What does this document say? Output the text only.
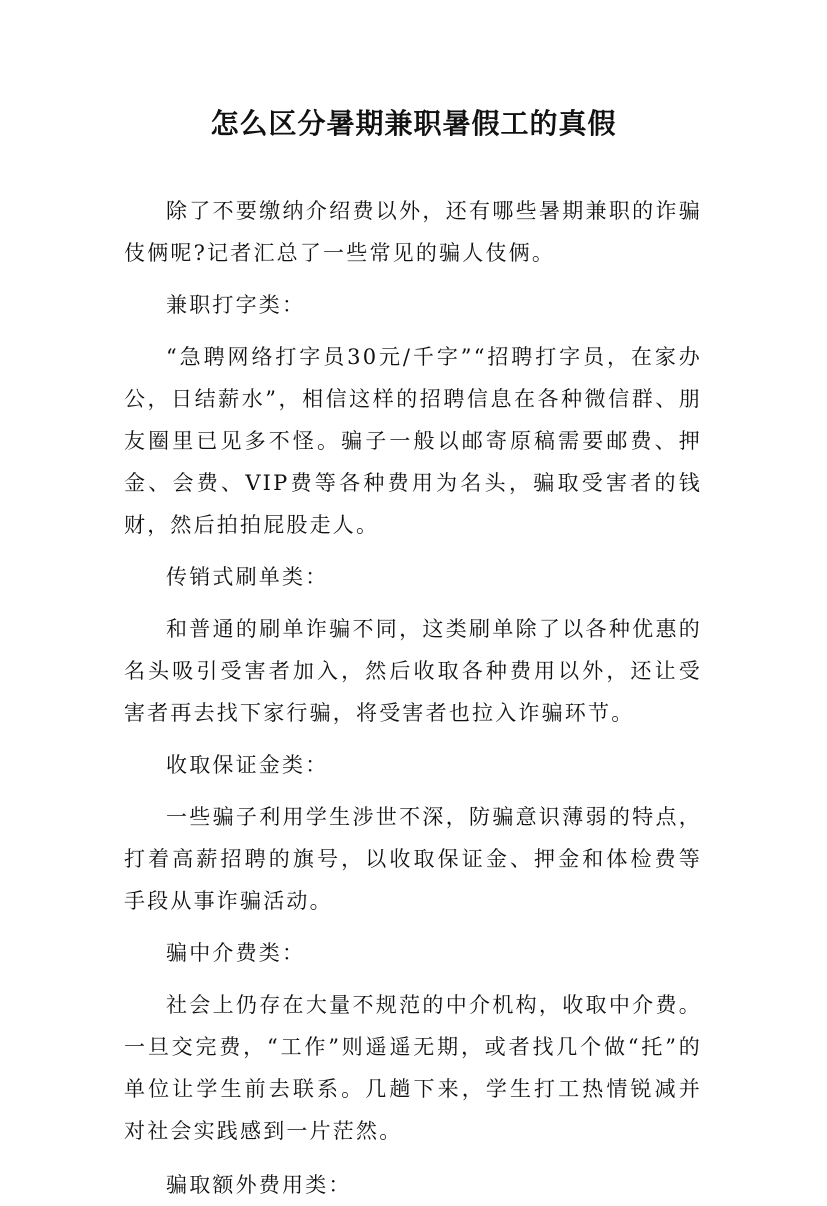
怎么区分暑期兼职暑假工的真假

除了不要缴纳介绍费以外，还有哪些暑期兼职的诈骗伎俩呢?记者汇总了一些常见的骗人伎俩。

兼职打字类：

“急聘网络打字员30元/千字”“招聘打字员，在家办公，日结薪水”，相信这样的招聘信息在各种微信群、朋友圈里已见多不怪。骗子一般以邮寄原稿需要邮费、押金、会费、VIP费等各种费用为名头，骗取受害者的钱财，然后拍拍屁股走人。

传销式刷单类：

和普通的刷单诈骗不同，这类刷单除了以各种优惠的名头吸引受害者加入，然后收取各种费用以外，还让受害者再去找下家行骗，将受害者也拉入诈骗环节。

收取保证金类：

一些骗子利用学生涉世不深，防骗意识薄弱的特点，打着高薪招聘的旗号，以收取保证金、押金和体检费等手段从事诈骗活动。

骗中介费类：

社会上仍存在大量不规范的中介机构，收取中介费。一旦交完费，“工作”则遥遥无期，或者找几个做“托”的单位让学生前去联系。几趟下来，学生打工热情锐减并对社会实践感到一片茫然。

骗取额外费用类：
